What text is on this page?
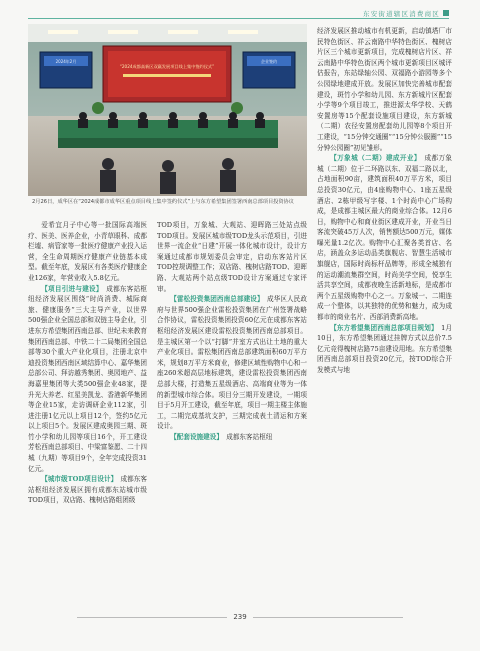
东安街道辖区消费商区
2024年2月
“2024成都高新区双赢发展项目线上集中签约仪式”
企业签约
2月26日，成华区在“2024成都市成华区重点项目线上集中签约仪式”上与东方希望集团签署西南总部项目投资协议

爱希宜月子中心等一批国际高端医疗、医美、医养企业，小青草眼科、成都栏墟、病管家等一批医疗健康产业投入运营，全生命周期医疗健康产业链基本成型。截至年底，发展区有各类医疗健康企业126家，年营业收入5.8亿元。

【项目引进与建设】　成都东客站枢纽经济发展区围绕“时尚消费、城际商旅、健康服务”三大主导产业，以世界500强企业全国总部和双链主导企业，引进东方希望集团西南总部、世纪未来教育集团西南总部、中铁二十二局集团全国总部等30个重大产业化项目，注册北京中迪投资集团西南区域结算中心、嘉华集团总部公司、拜访越秀集团、奥园地产、益海嘉里集团等大类500强企业48家，提升光大养老、红星美凯龙、香港新华集团等企业15家，走访调研企业112家，引进注册1亿元以上项目12个，签约5亿元以上项目5个。发展区建成奥园三期、斑竹小学和幼儿园等项目16个，开工建设芳松西南总部项目、中梁富鉴愿、二十四城（九期）等项目9个，全年完成投资31亿元。

【城市级TOD项目设计】　成都东客站枢纽经济发展区拥有成都东站城市级TOD项目，双店路、槐树店路组团级

TOD项目，万象城、大观站、迎晖路三处站点级TOD项目。发展区城市级TOD龙头示范项目，引进世界一流企业“日建”开展一体化城市设计，设计方案通过成都市规划委员会审定，启动东客站片区TOD控规调整工作；双店路、槐树店路TOD、迎晖路、大观站两个站点级TOD设计方案通过专家评审。

【雷松投资集团西南总部建设】　成华区人民政府与世界500强企业雷松投资集团在广州签署战略合作协议，雷松投资集团投资60亿元在成都东客站枢纽经济发展区建设雷松投资集团西南总部项目。是主城区第一个以“打脚”并室方式出让土地的重大产业化项目。雷松集团西南总部建筑面积60万平方米，规划8万平方米商业，修建区域性购物中心和一座260米超高层地标建筑，建设雷松投资集团西南总部大楼，打造集五星级酒店、高端商业等为一体的新型城市综合体。项目分三期开发建设，一期项目于5月开工建设，截至年底，项目一期主楼主体施工，二期完成基坑支护，三期完成表土清运和方案设计。

【配套设施建设】　成都东客站枢纽

经济发展区推动城市有机更新，启动镇塔厂市民特色街区、祥云南路中华特色街区、槐树店片区三个城市更新项目，完成槐树店片区、祥云南路中华特色街区两个城市更新项目区城评估报告，东站绿轴公园、双福路小游园等多个公园绿地建成开放。发展区加快完善城市配套建设，斑竹小学和幼儿园、东方新城片区配套小学等9个项目竣工，推进源太华学校、天鹤安置房等15个配套设施项目建设，东方新城（二期）农径安置房配套幼儿园等8个项目开工建设，“15分钟交通圈”“15分钟公服圈”“15分钟公园圈”初见雏形。

【万象城（二期）建成开业】　成都万象城（二期）位于二环路以东、双福二路以北，占地面积90亩，建筑面积40万平方米，项目总投资30亿元，由4座购物中心、1座五星级酒店、2栋甲级写字楼、1个时尚中心广场构成，是成都主城区最大的商业综合体。12月6日，购物中心和商业街区建成开业，开业当日客流突破45万人次，销售额达500万元，媒体曝光量1.2亿次。购物中心汇聚各类首店、名店，涵盖众多运动品类旗舰店、智慧生活城市旗舰店，国际时尚标杆品牌等，形成全城独有的运动潮流集群空间，时尚美学空间，悦享生活共享空间，成都夜晚生活新地标，是成都市两个五星级购物中心之一。万象城一、二期连成一个整体，以其独特的优势和魅力，成为成都市的商业名片、西部消费新高地。

【东方希望集团西南总部项目规划】　1月10日，东方希望集团通过挂牌方式以总价7.5亿元竞得槐树店路75亩建设用地。东方希望集团西南总部项目投资20亿元，按TOD综合开发模式与地

239
